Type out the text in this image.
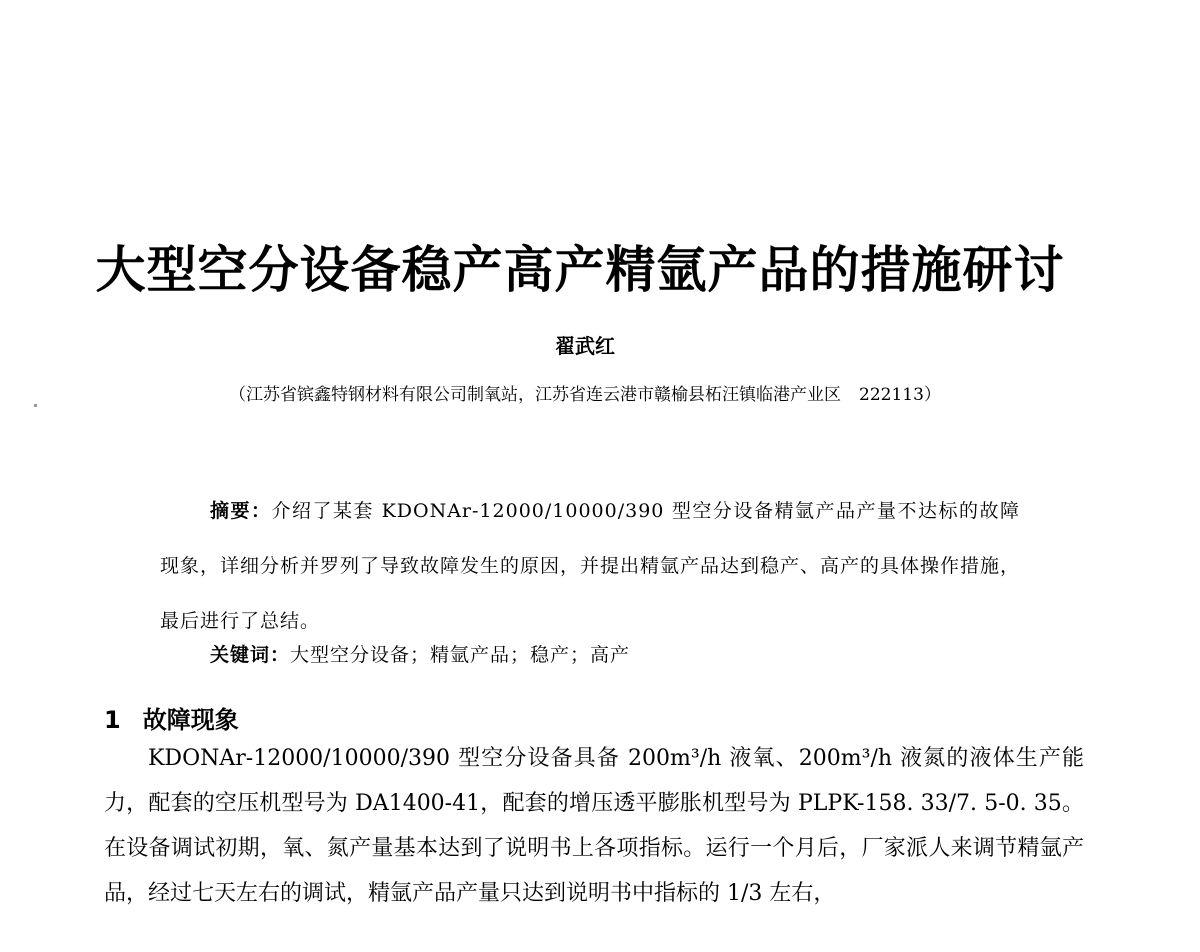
大型空分设备稳产高产精氩产品的措施研讨
翟武红
（江苏省镔鑫特钢材料有限公司制氧站，江苏省连云港市赣榆县柘汪镇临港产业区 222113）

摘要：介绍了某套 KDONAr-12000/10000/390 型空分设备精氩产品产量不达标的故障现象，详细分析并罗列了导致故障发生的原因，并提出精氩产品达到稳产、高产的具体操作措施，最后进行了总结。

关键词：大型空分设备；精氩产品；稳产；高产
1 故障现象

KDONAr-12000/10000/390 型空分设备具备 200m³/h 液氧、200m³/h 液氮的液体生产能力，配套的空压机型号为 DA1400-41，配套的增压透平膨胀机型号为 PLPK-158. 33/7. 5-0. 35。在设备调试初期，氧、氮产量基本达到了说明书上各项指标。运行一个月后，厂家派人来调节精氩产品，经过七天左右的调试，精氩产品产量只达到说明书中指标的 1/3 左右，
